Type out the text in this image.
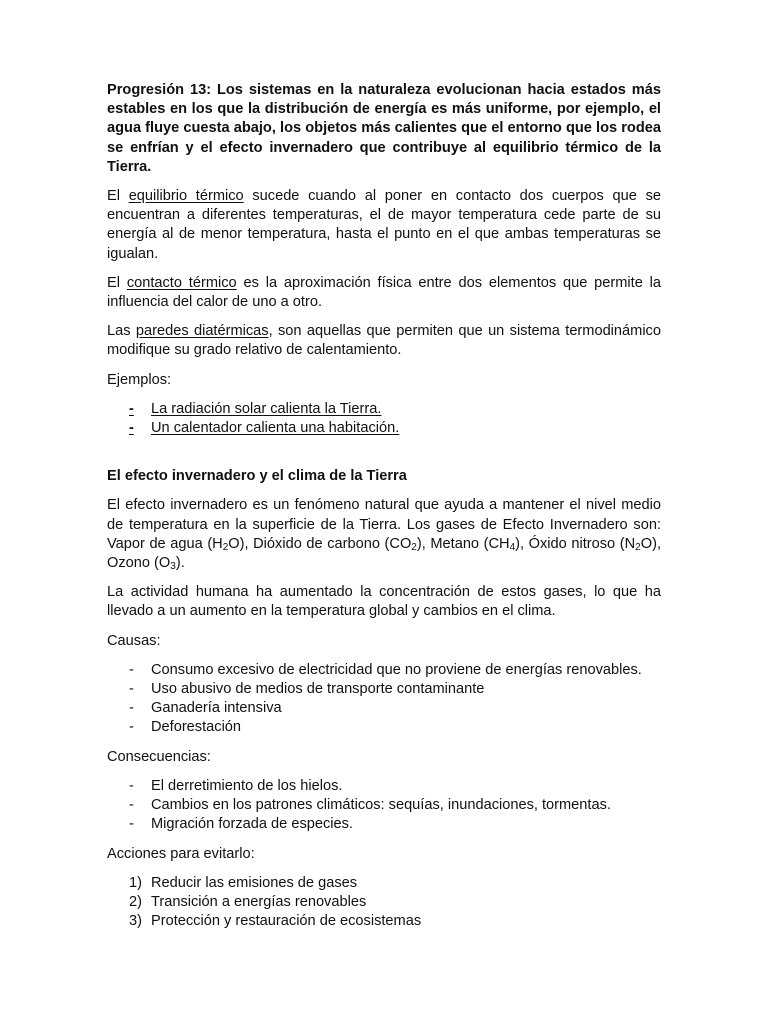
Progresión 13: Los sistemas en la naturaleza evolucionan hacia estados más estables en los que la distribución de energía es más uniforme, por ejemplo, el agua fluye cuesta abajo, los objetos más calientes que el entorno que los rodea se enfrían y el efecto invernadero que contribuye al equilibrio térmico de la Tierra.

El equilibrio térmico sucede cuando al poner en contacto dos cuerpos que se encuentran a diferentes temperaturas, el de mayor temperatura cede parte de su energía al de menor temperatura, hasta el punto en el que ambas temperaturas se igualan.

El contacto térmico es la aproximación física entre dos elementos que permite la influencia del calor de uno a otro.

Las paredes diatérmicas, son aquellas que permiten que un sistema termodinámico modifique su grado relativo de calentamiento.

Ejemplos:

- La radiación solar calienta la Tierra.
- Un calentador calienta una habitación.

El efecto invernadero y el clima de la Tierra

El efecto invernadero es un fenómeno natural que ayuda a mantener el nivel medio de temperatura en la superficie de la Tierra. Los gases de Efecto Invernadero son: Vapor de agua $(H_2O)$, Dióxido de carbono $(CO_2)$, Metano $(CH_4)$, Óxido nitroso $(N_2O)$, Ozono $(O_3)$.

La actividad humana ha aumentado la concentración de estos gases, lo que ha llevado a un aumento en la temperatura global y cambios en el clima.

Causas:

- Consumo excesivo de electricidad que no proviene de energías renovables.
- Uso abusivo de medios de transporte contaminante
- Ganadería intensiva
- Deforestación

Consecuencias:

- El derretimiento de los hielos.
- Cambios en los patrones climáticos: sequías, inundaciones, tormentas.
- Migración forzada de especies.

Acciones para evitarlo:

1) Reducir las emisiones de gases
2) Transición a energías renovables
3) Protección y restauración de ecosistemas
